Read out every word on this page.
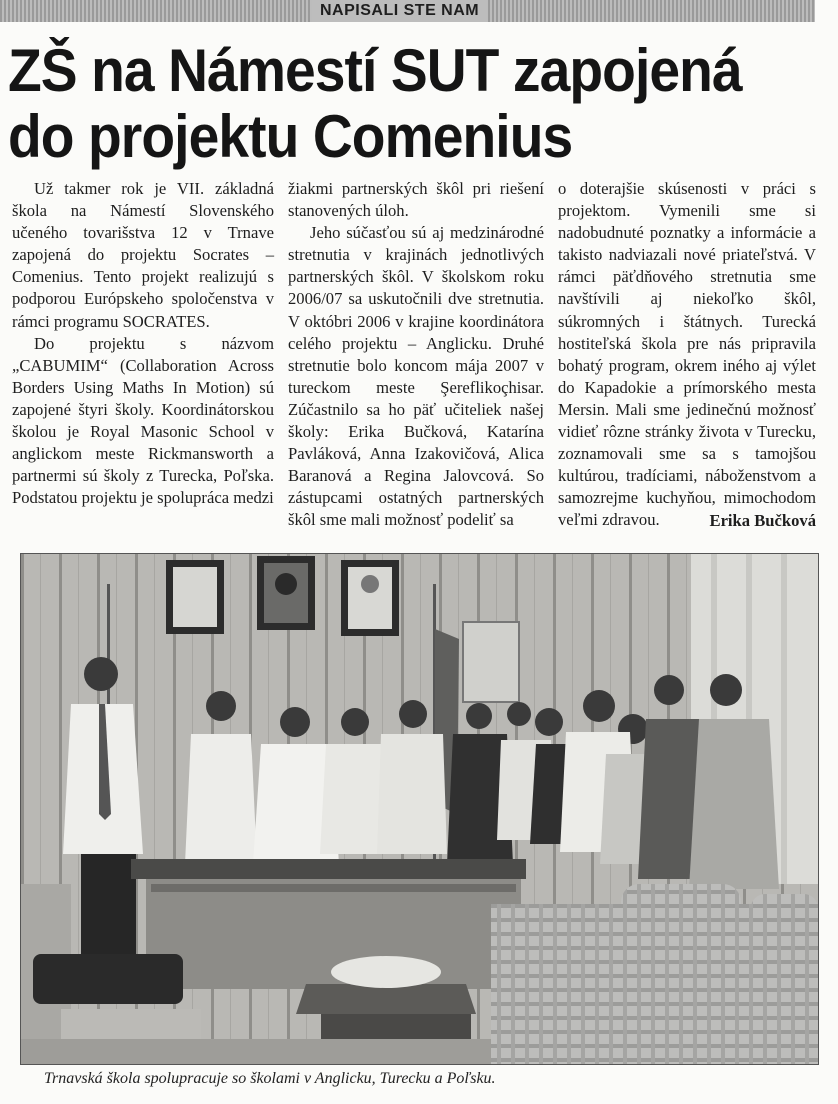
NAPISALI STE NAM
ZŠ na Námestí SUT zapojená
do projektu Comenius

Už takmer rok je VII. základná škola na Námestí Slovenského učeného tovarišstva 12 v Trnave zapojená do projektu Socrates – Comenius. Tento projekt realizujú s podporou Európskeho spoločenstva v rámci programu SOCRATES.

Do projektu s názvom „CABUMIM“ (Collaboration Across Borders Using Maths In Motion) sú zapojené štyri školy. Koordinátorskou školou je Royal Masonic School v anglickom meste Rickmansworth a partnermi sú školy z Turecka, Poľska. Podstatou projektu je spolupráca medzi

žiakmi partnerských škôl pri riešení stanovených úloh.

Jeho súčasťou sú aj medzinárodné stretnutia v krajinách jednotlivých partnerských škôl. V školskom roku 2006/07 sa uskutočnili dve stretnutia. V októbri 2006 v krajine koordinátora celého projektu – Anglicku. Druhé stretnutie bolo koncom mája 2007 v tureckom meste Şereflikoçhisar. Zúčastnilo sa ho päť učiteliek našej školy: Erika Bučková, Katarína Pavláková, Anna Izakovičová, Alica Baranová a Regina Jalovcová. So zástupcami ostatných partnerských škôl sme mali možnosť podeliť sa

o doterajšie skúsenosti v práci s projektom. Vymenili sme si nadobudnuté poznatky a informácie a takisto nadviazali nové priateľstvá. V rámci päťdňového stretnutia sme navštívili aj niekoľko škôl, súkromných i štátnych. Turecká hostiteľská škola pre nás pripravila bohatý program, okrem iného aj výlet do Kapadokie a prímorského mesta Mersin. Mali sme jedinečnú možnosť vidieť rôzne stránky života v Turecku, zoznamovali sme sa s tamojšou kultúrou, tradíciami, náboženstvom a samozrejme kuchyňou, mimochodom veľmi zdravou.	Erika Bučková
Trnavská škola spolupracuje so školami v Anglicku, Turecku a Poľsku.
